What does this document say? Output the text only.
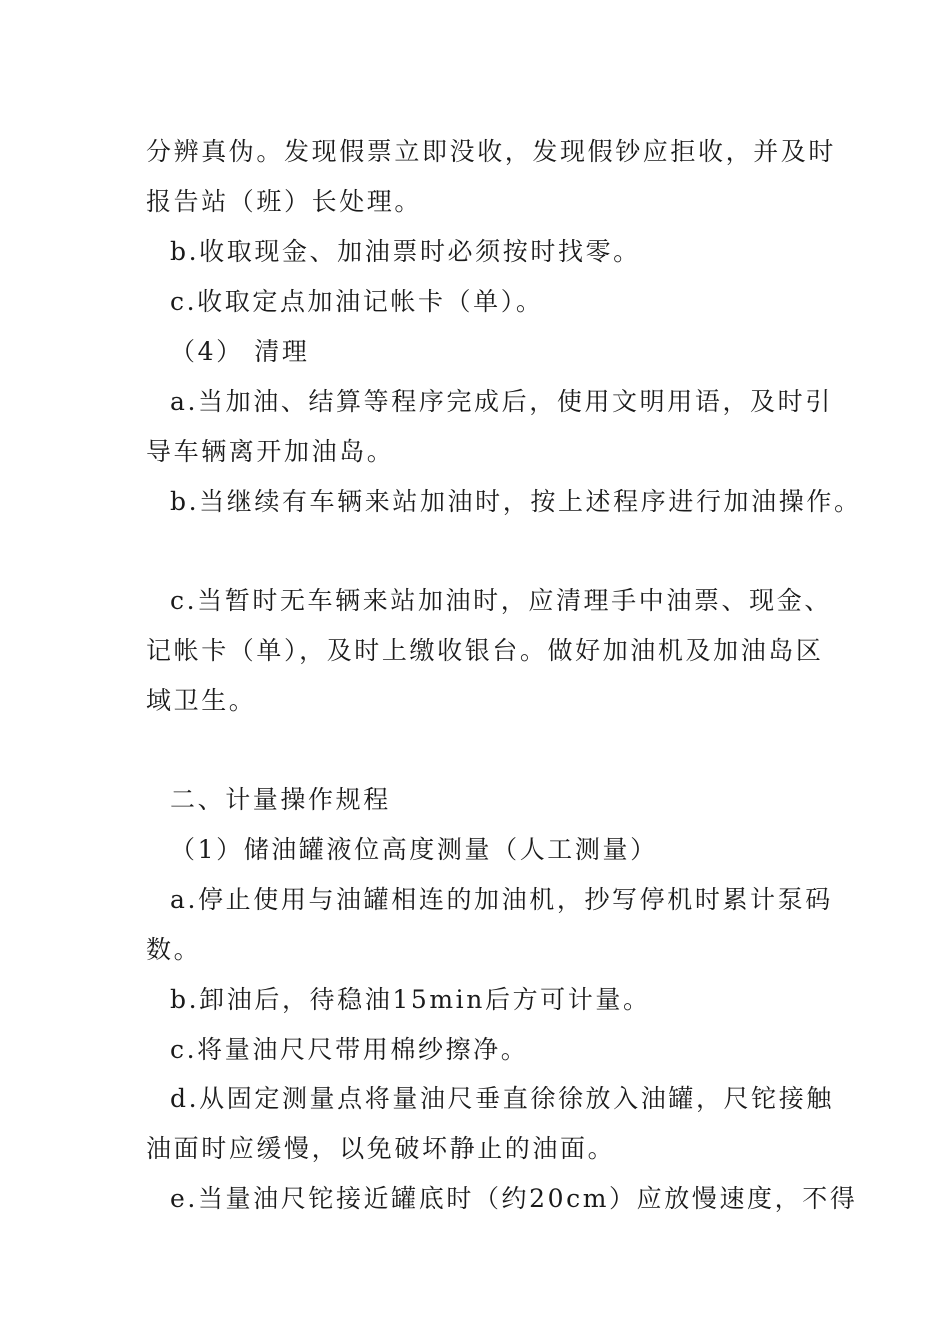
分辨真伪。发现假票立即没收，发现假钞应拒收，并及时
报告站（班）长处理。
b.收取现金、加油票时必须按时找零。
c.收取定点加油记帐卡（单）。
（4） 清理
a.当加油、结算等程序完成后，使用文明用语，及时引
导车辆离开加油岛。
b.当继续有车辆来站加油时，按上述程序进行加油操作。
c.当暂时无车辆来站加油时，应清理手中油票、现金、
记帐卡（单），及时上缴收银台。做好加油机及加油岛区
域卫生。
二、计量操作规程
（1）储油罐液位高度测量（人工测量）
a.停止使用与油罐相连的加油机，抄写停机时累计泵码
数。
b.卸油后，待稳油15min后方可计量。
c.将量油尺尺带用棉纱擦净。
d.从固定测量点将量油尺垂直徐徐放入油罐，尺铊接触
油面时应缓慢，以免破坏静止的油面。
e.当量油尺铊接近罐底时（约20cm）应放慢速度，不得
